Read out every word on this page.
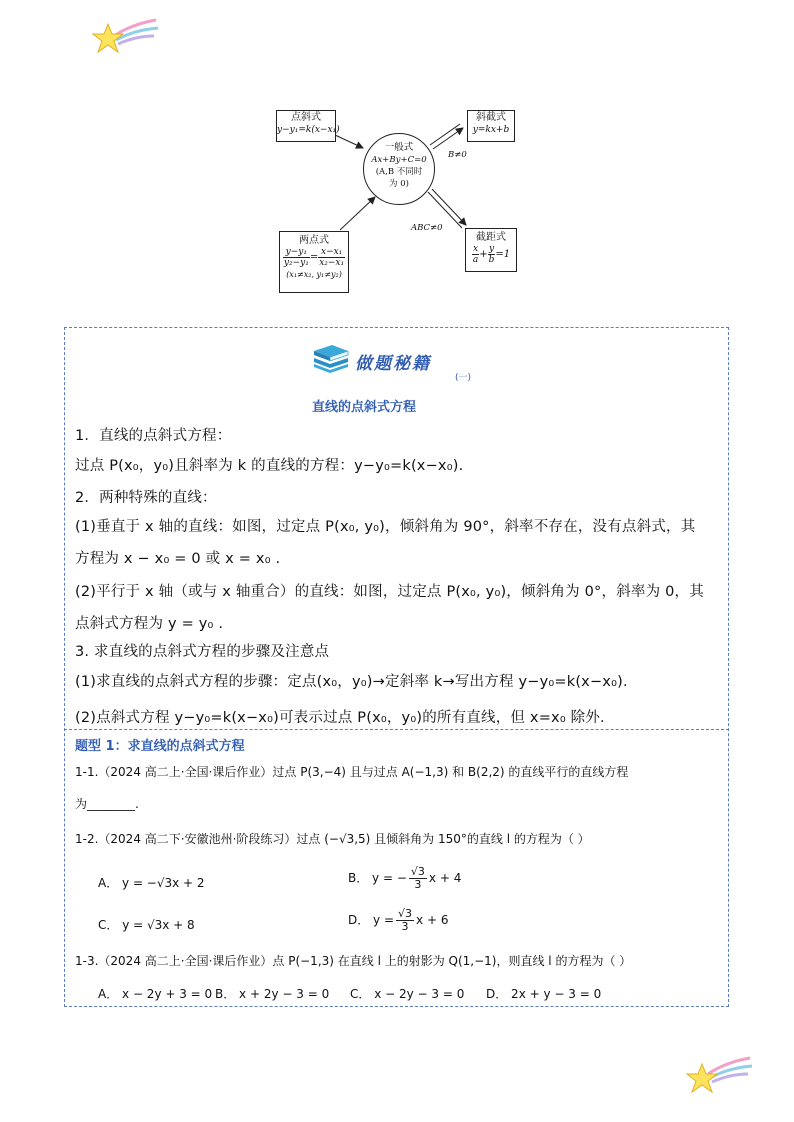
点斜式
y−y₁=k(x−x₁)
一般式
Ax+By+C=0
(A,B 不同时
为 0)
斜截式
y=kx+b
B≠0
ABC≠0
两点式
$\frac{\text{y−y₁}}{\text{y₂−y₁}} = \frac{\text{x−x₁}}{\text{x₂−x₁}}$
(x₁≠x₂, y₁≠y₂)
截距式
$\frac{x}{a} + \frac{y}{b} =1$
做题秘籍
(一)
直线的点斜式方程
1．直线的点斜式方程：
过点 P(x₀，y₀)且斜率为 k 的直线的方程：y−y₀=k(x−x₀).
2．两种特殊的直线：
(1)垂直于 x 轴的直线：如图，过定点 P(x₀, y₀)，倾斜角为 90°，斜率不存在，没有点斜式，其
方程为 x − x₀ = 0 或 x = x₀ .
(2)平行于 x 轴（或与 x 轴重合）的直线：如图，过定点 P(x₀, y₀)，倾斜角为 0°，斜率为 0，其
点斜式方程为 y = y₀ .
3. 求直线的点斜式方程的步骤及注意点
(1)求直线的点斜式方程的步骤：定点(x₀，y₀)→定斜率 k→写出方程 y−y₀=k(x−x₀).
(2)点斜式方程 y−y₀=k(x−x₀)可表示过点 P(x₀，y₀)的所有直线，但 x=x₀ 除外.
题型 1：求直线的点斜式方程
1-1.（2024 高二上·全国·课后作业）过点 P(3,−4) 且与过点 A(−1,3) 和 B(2,2) 的直线平行的直线方程
为________.
1-2.（2024 高二下·安徽池州·阶段练习）过点 (−√3,5) 且倾斜角为 150°的直线 l 的方程为（ ）
A． y = −√3x + 2	B． y = − $\frac{√3}{3}$ x + 4
C． y = √3x + 8	D． $y = \frac{√3}{3}$ x + 6
1-3.（2024 高二上·全国·课后作业）点 P(−1,3) 在直线 l 上的射影为 Q(1,−1)，则直线 l 的方程为（ ）
A． x − 2y + 3 = 0 B． x + 2y − 3 = 0 C． x − 2y − 3 = 0 D． 2x + y − 3 = 0
